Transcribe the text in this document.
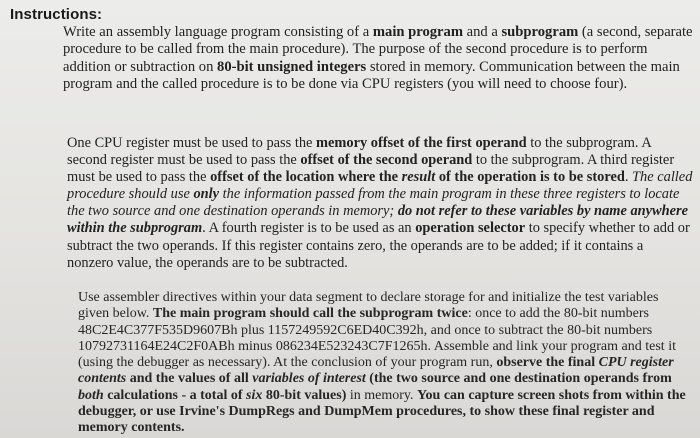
Instructions:
Write an assembly language program consisting of a main program and a subprogram (a second, separate procedure to be called from the main procedure). The purpose of the second procedure is to perform addition or subtraction on 80-bit unsigned integers stored in memory. Communication between the main program and the called procedure is to be done via CPU registers (you will need to choose four).
One CPU register must be used to pass the memory offset of the first operand to the subprogram. A second register must be used to pass the offset of the second operand to the subprogram. A third register must be used to pass the offset of the location where the result of the operation is to be stored. The called procedure should use only the information passed from the main program in these three registers to locate the two source and one destination operands in memory; do not refer to these variables by name anywhere within the subprogram. A fourth register is to be used as an operation selector to specify whether to add or subtract the two operands. If this register contains zero, the operands are to be added; if it contains a nonzero value, the operands are to be subtracted.
Use assembler directives within your data segment to declare storage for and initialize the test variables given below. The main program should call the subprogram twice: once to add the 80-bit numbers 48C2E4C377F535D9607Bh plus 1157249592C6ED40C392h, and once to subtract the 80-bit numbers 10792731164E24C2F0ABh minus 086234E523243C7F1265h. Assemble and link your program and test it (using the debugger as necessary). At the conclusion of your program run, observe the final CPU register contents and the values of all variables of interest (the two source and one destination operands from both calculations - a total of six 80-bit values) in memory. You can capture screen shots from within the debugger, or use Irvine's DumpRegs and DumpMem procedures, to show these final register and memory contents.
